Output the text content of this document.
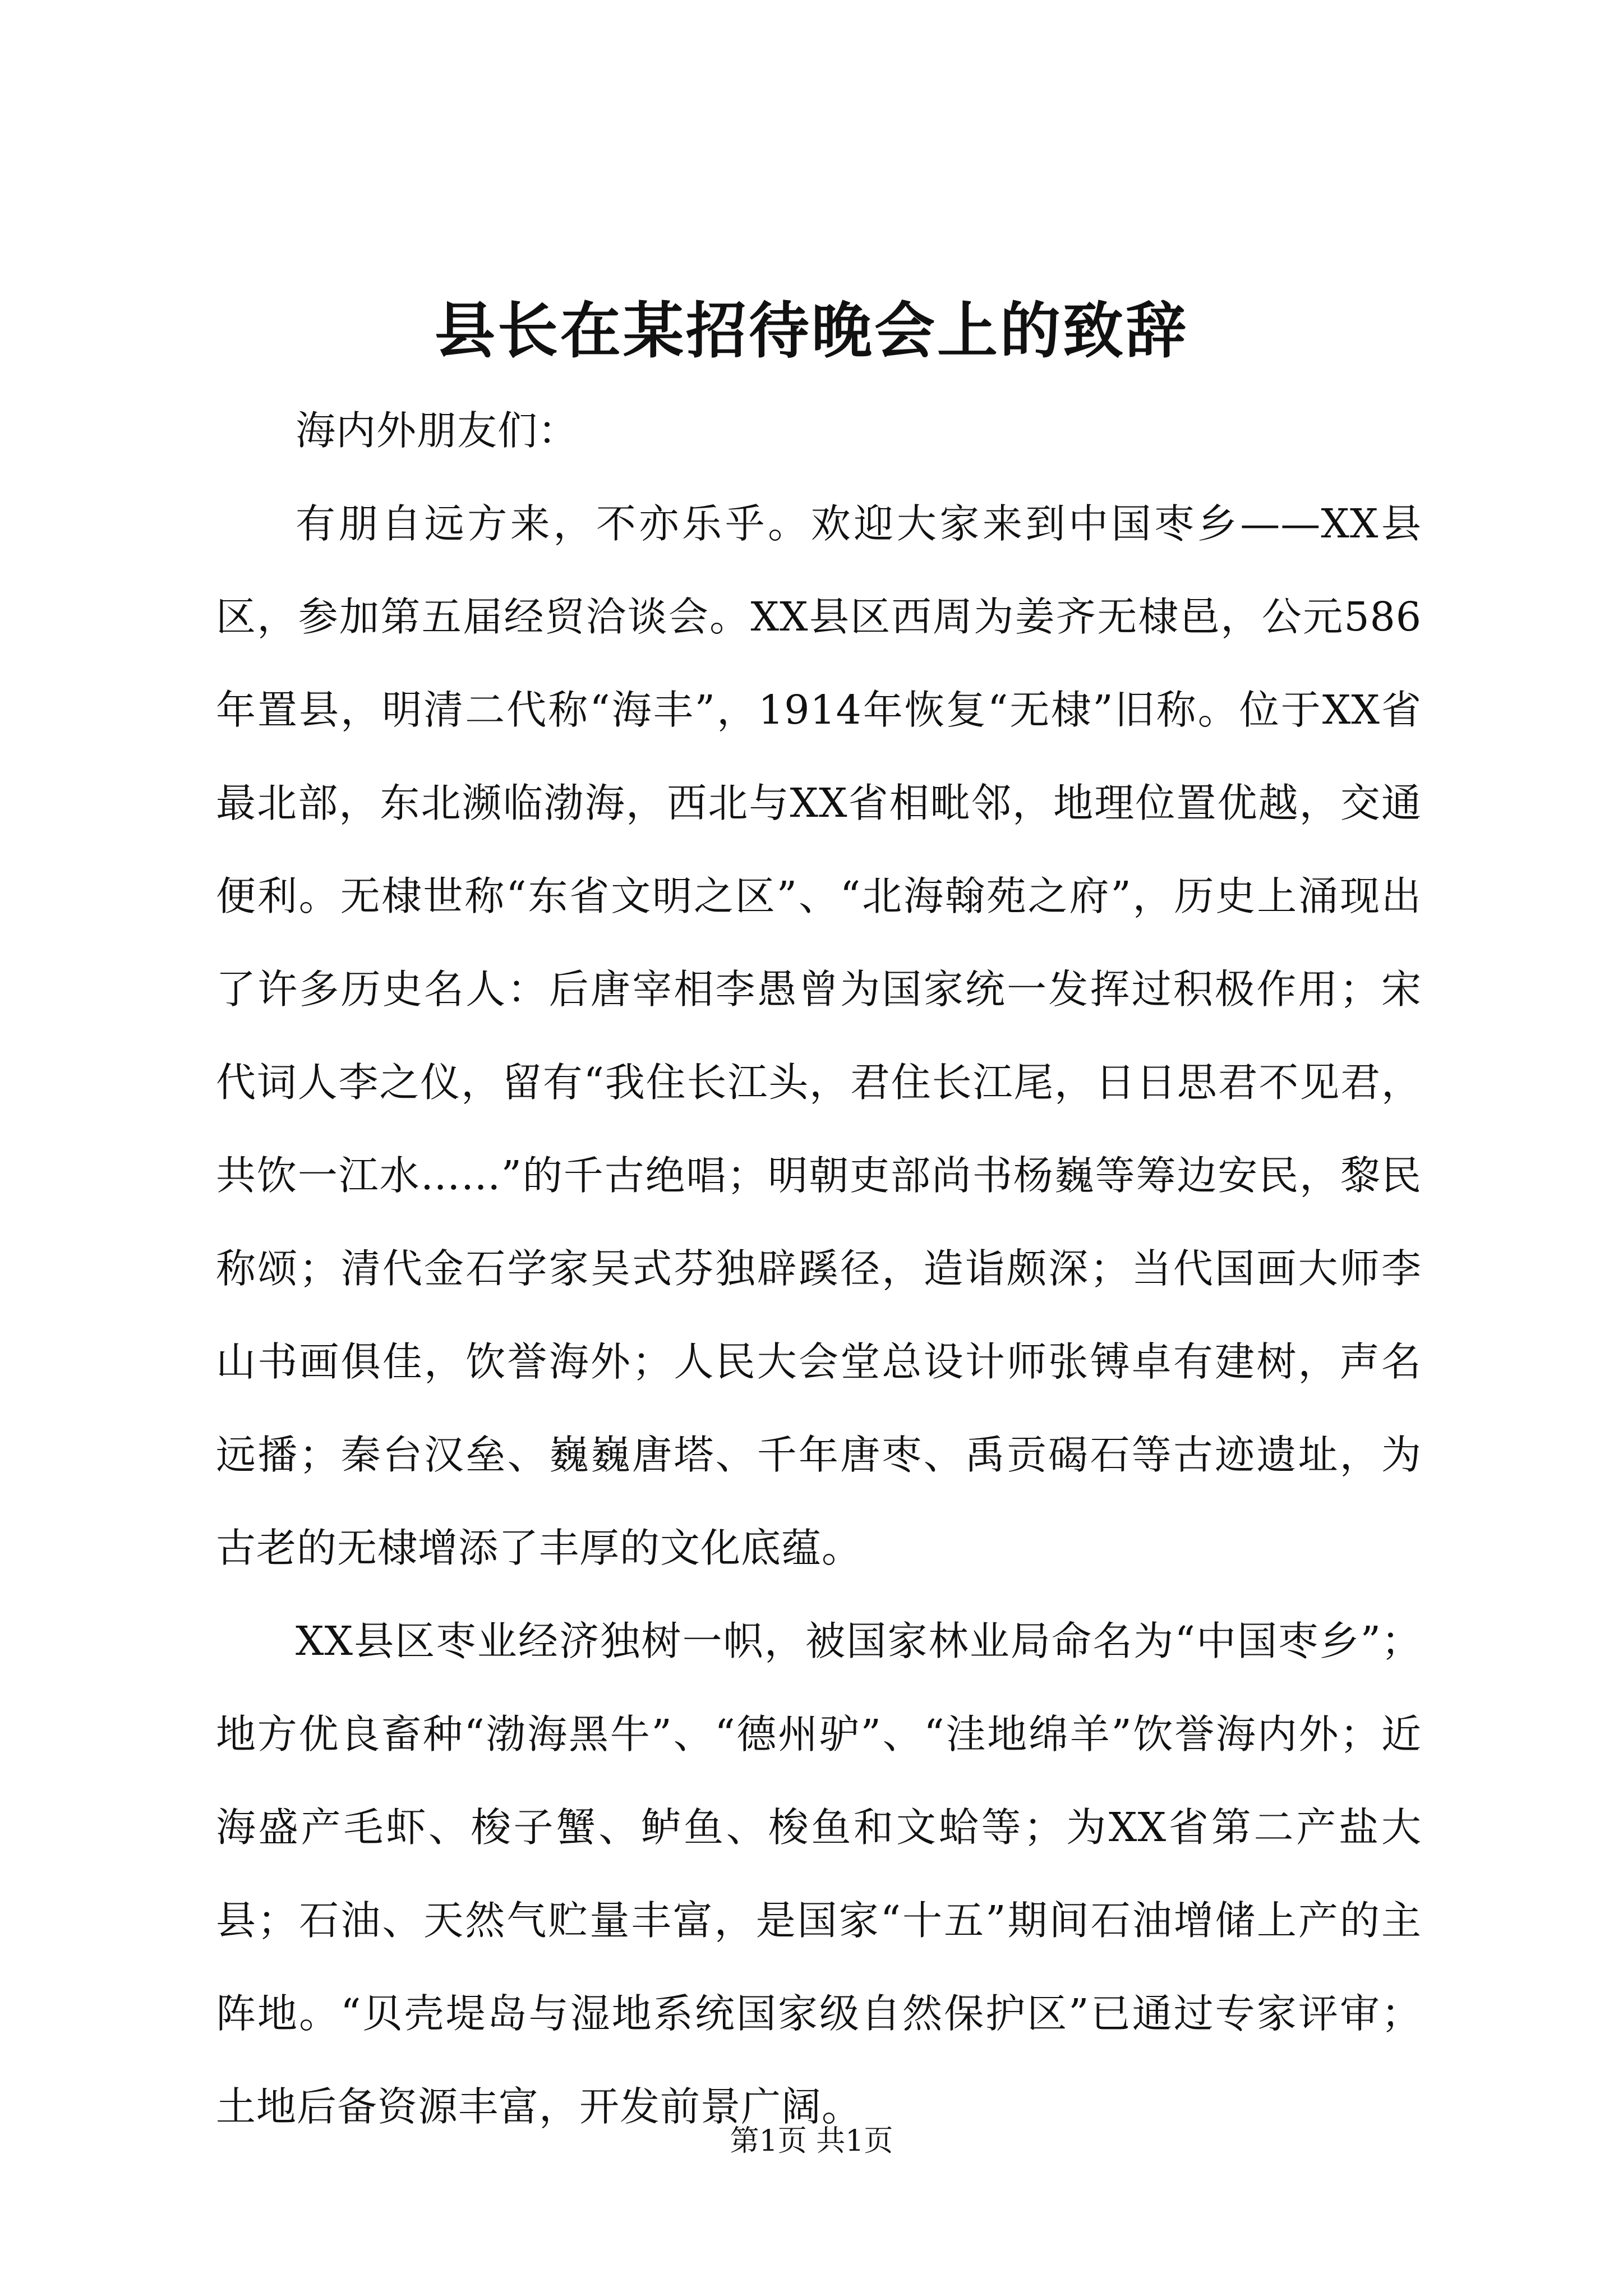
县长在某招待晚会上的致辞

海内外朋友们：

有朋自远方来，不亦乐乎。欢迎大家来到中国枣乡——XX县区，参加第五届经贸洽谈会。XX县区西周为姜齐无棣邑，公元586年置县，明清二代称“海丰”，1914年恢复“无棣”旧称。位于XX省最北部，东北濒临渤海，西北与XX省相毗邻，地理位置优越，交通便利。无棣世称“东省文明之区”、“北海翰苑之府”，历史上涌现出了许多历史名人：后唐宰相李愚曾为国家统一发挥过积极作用；宋代词人李之仪，留有“我住长江头，君住长江尾，日日思君不见君，共饮一江水……”的千古绝唱；明朝吏部尚书杨巍等筹边安民，黎民称颂；清代金石学家吴式芬独辟蹊径，造诣颇深；当代国画大师李山书画俱佳，饮誉海外；人民大会堂总设计师张镈卓有建树，声名远播；秦台汉垒、巍巍唐塔、千年唐枣、禹贡碣石等古迹遗址，为古老的无棣增添了丰厚的文化底蕴。

XX县区枣业经济独树一帜，被国家林业局命名为“中国枣乡”；地方优良畜种“渤海黑牛”、“德州驴”、“洼地绵羊”饮誉海内外；近海盛产毛虾、梭子蟹、鲈鱼、梭鱼和文蛤等；为XX省第二产盐大县；石油、天然气贮量丰富，是国家“十五”期间石油增储上产的主阵地。“贝壳堤岛与湿地系统国家级自然保护区”已通过专家评审；土地后备资源丰富，开发前景广阔。

第1页 共1页
